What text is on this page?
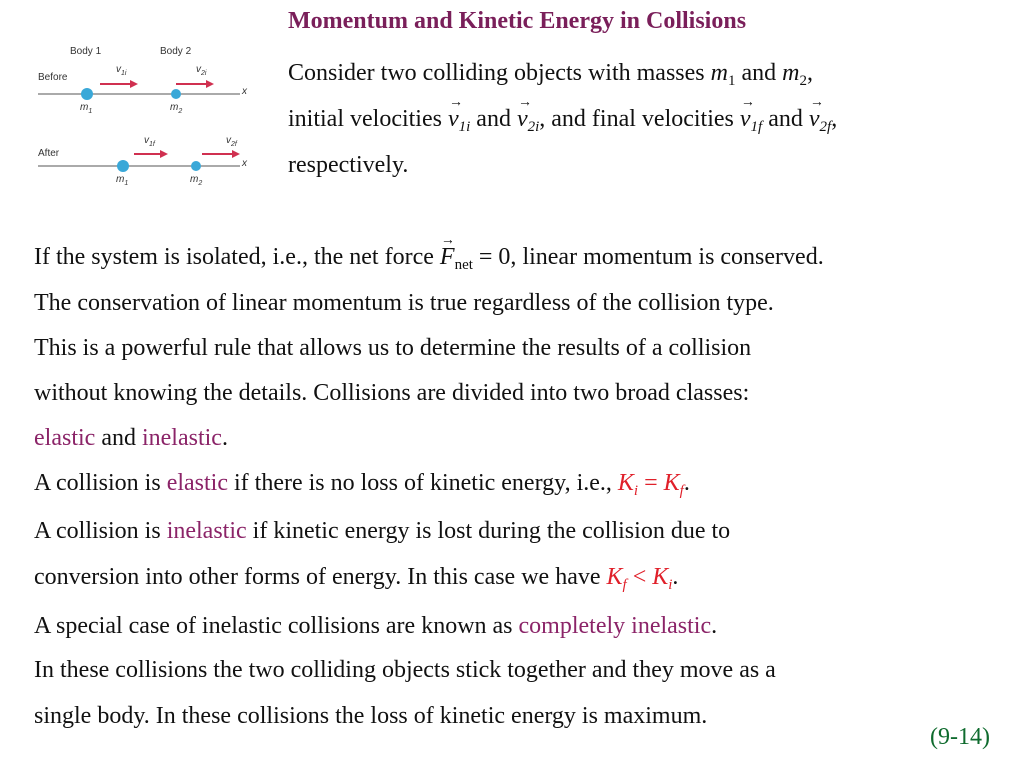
Momentum and Kinetic Energy in Collisions
Body 1	Body 2
Before
After
x
x
$v_{1i}$	$v_{2i}$
$v_{1f}$	$v_{2f}$
$m_1$	$m_2$
$m_1$	$m_2$
Consider two colliding objects with masses $m_1$ and $m_2$,
initial velocities → $v_{1i}$ and → $v_{2i}$, and final velocities → $v_{1f}$ and → $v_{2f}$,
respectively.
If the system is isolated, i.e., the net force → $F_{net} = 0$, linear momentum is conserved.
The conservation of linear momentum is true regardless of the collision type.
This is a powerful rule that allows us to determine the results of a collision
without knowing the details. Collisions are divided into two broad classes:
elastic and inelastic.
A collision is elastic if there is no loss of kinetic energy, i.e., $K_i = K_f$.
A collision is inelastic if kinetic energy is lost during the collision due to
conversion into other forms of energy. In this case we have $K_f < K_i$.
A special case of inelastic collisions are known as completely inelastic.
In these collisions the two colliding objects stick together and they move as a
single body. In these collisions the loss of kinetic energy is maximum.
(9-14)
